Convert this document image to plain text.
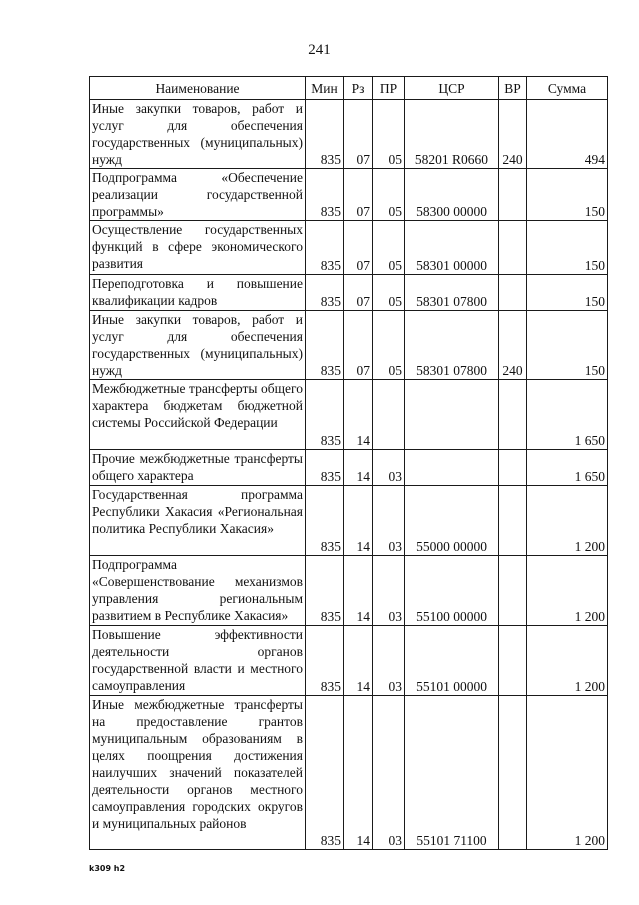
241
Наименование	Мин	Рз	ПР	ЦСР	ВР	Сумма
Иные закупки товаров, работ и услуг для обеспечения государственных (муниципальных) нужд	835	07	05	58201 R0660	240	494
Подпрограмма «Обеспечение реализации государственной программы»	835	07	05	58300 00000		150
Осуществление государственных функций в сфере экономического развития	835	07	05	58301 00000		150
Переподготовка и повышение квалификации кадров	835	07	05	58301 07800		150
Иные закупки товаров, работ и услуг для обеспечения государственных (муниципальных) нужд	835	07	05	58301 07800	240	150
Межбюджетные трансферты общего характера бюджетам бюджетной системы Российской Федерации	835	14				1 650
Прочие межбюджетные трансферты общего характера	835	14	03			1 650
Государственная программа Республики Хакасия «Региональная политика Республики Хакасия»	835	14	03	55000 00000		1 200
Подпрограмма «Совершенствование механизмов управления региональным развитием в Республике Хакасия»	835	14	03	55100 00000		1 200
Повышение эффективности деятельности органов государственной власти и местного самоуправления	835	14	03	55101 00000		1 200
Иные межбюджетные трансферты на предоставление грантов муниципальным образованиям в целях поощрения достижения наилучших значений показателей деятельности органов местного самоуправления городских округов и муниципальных районов	835	14	03	55101 71100		1 200
k309 h2
